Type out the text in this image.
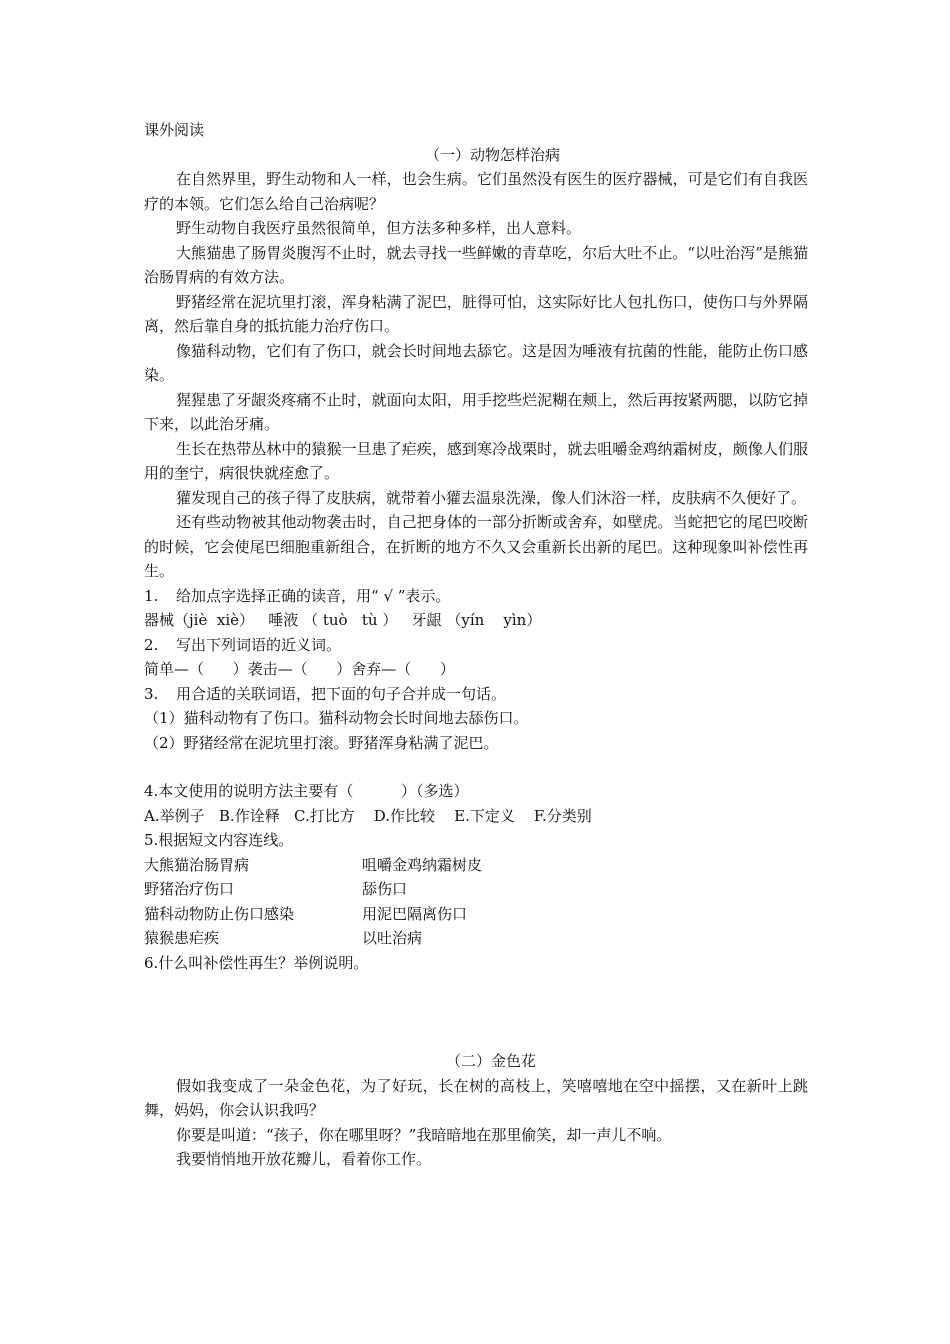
课外阅读
（一）动物怎样治病
在自然界里，野生动物和人一样，也会生病。它们虽然没有医生的医疗器械，可是它们有自我医疗的本领。它们怎么给自己治病呢？
野生动物自我医疗虽然很简单，但方法多种多样，出人意料。
大熊猫患了肠胃炎腹泻不止时，就去寻找一些鲜嫩的青草吃，尔后大吐不止。“以吐治泻”是熊猫治肠胃病的有效方法。
野猪经常在泥坑里打滚，浑身粘满了泥巴，脏得可怕，这实际好比人包扎伤口，使伤口与外界隔离，然后靠自身的抵抗能力治疗伤口。
像猫科动物，它们有了伤口，就会长时间地去舔它。这是因为唾液有抗菌的性能，能防止伤口感染。
猩猩患了牙龈炎疼痛不止时，就面向太阳，用手挖些烂泥糊在颊上，然后再按紧两腮，以防它掉下来，以此治牙痛。
生长在热带丛林中的猿猴一旦患了疟疾，感到寒冷战栗时，就去咀嚼金鸡纳霜树皮，颇像人们服用的奎宁，病很快就痊愈了。
獾发现自己的孩子得了皮肤病，就带着小獾去温泉洗澡，像人们沐浴一样，皮肤病不久便好了。
还有些动物被其他动物袭击时，自己把身体的一部分折断或舍弃，如壁虎。当蛇把它的尾巴咬断的时候，它会使尾巴细胞重新组合，在折断的地方不久又会重新长出新的尾巴。这种现象叫补偿性再生。
1. 给加点字选择正确的读音，用“ √ ”表示。
器械（jiè  xiè）   唾液 （ tuò   tù ）   牙龈 （yín    yìn）
2. 写出下列词语的近义词。
简单—（      ）袭击—（      ）舍弃—（      ）
3. 用合适的关联词语，把下面的句子合并成一句话。
（1）猫科动物有了伤口。猫科动物会长时间地去舔伤口。
（2）野猪经常在泥坑里打滚。野猪浑身粘满了泥巴。
4.本文使用的说明方法主要有（          ）（多选）
A.举例子   B.作诠释   C.打比方    D.作比较    E.下定义    F.分类别
5.根据短文内容连线。
大熊猫治肠胃病	咀嚼金鸡纳霜树皮
野猪治疗伤口	舔伤口
猫科动物防止伤口感染	用泥巴隔离伤口
猿猴患疟疾	以吐治病
6.什么叫补偿性再生？举例说明。
（二）金色花
假如我变成了一朵金色花，为了好玩，长在树的高枝上，笑嘻嘻地在空中摇摆，又在新叶上跳舞，妈妈，你会认识我吗？
你要是叫道：“孩子，你在哪里呀？”我暗暗地在那里偷笑，却一声儿不响。
我要悄悄地开放花瓣儿，看着你工作。
